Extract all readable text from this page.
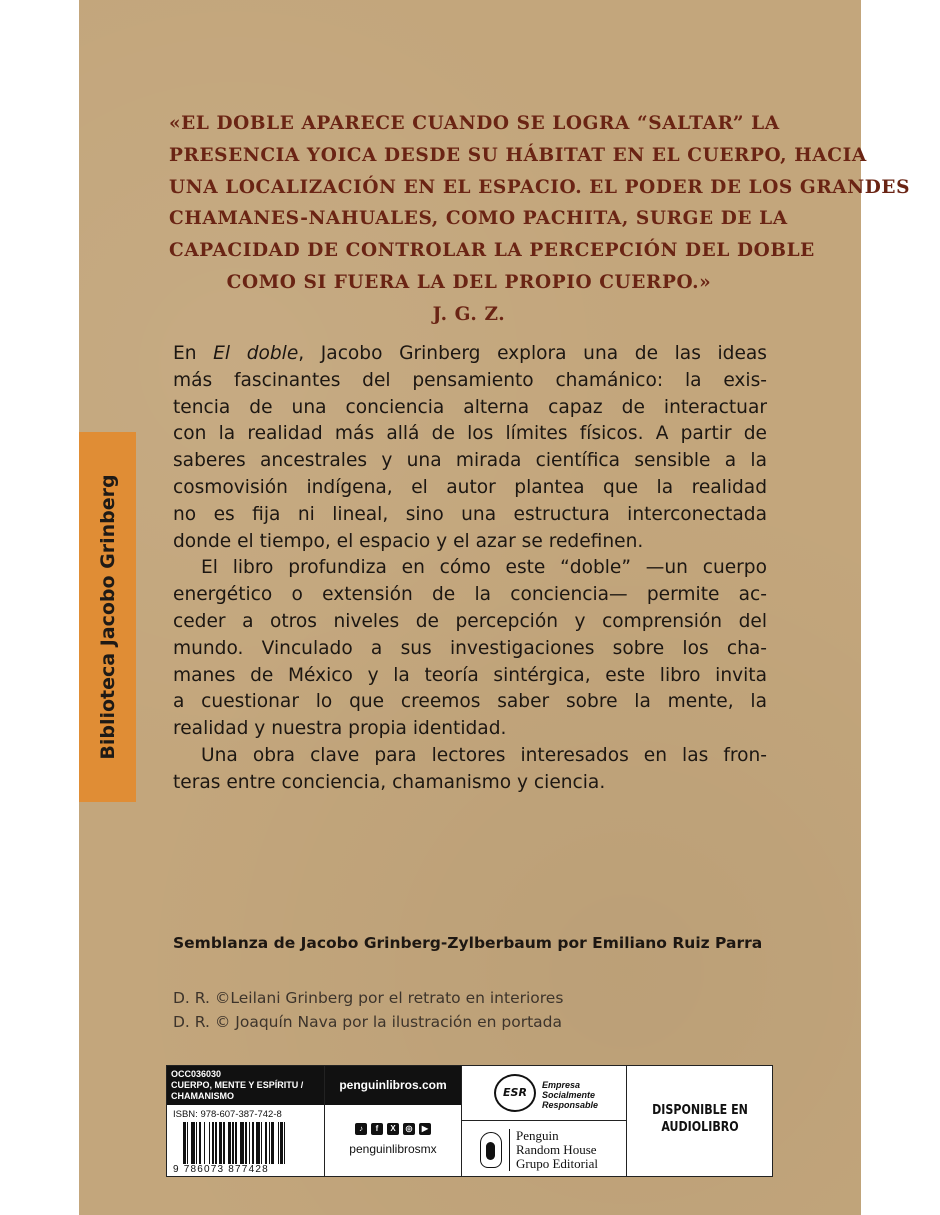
«EL DOBLE APARECE CUANDO SE LOGRA “SALTAR” LA
PRESENCIA YOICA DESDE SU HÁBITAT EN EL CUERPO, HACIA
UNA LOCALIZACIÓN EN EL ESPACIO. EL PODER DE LOS GRANDES
CHAMANES-NAHUALES, COMO PACHITA, SURGE DE LA
CAPACIDAD DE CONTROLAR LA PERCEPCIÓN DEL DOBLE
COMO SI FUERA LA DEL PROPIO CUERPO.»
J. G. Z.

En El doble, Jacobo Grinberg explora una de las ideas
más fascinantes del pensamiento chamánico: la exis-
tencia de una conciencia alterna capaz de interactuar
con la realidad más allá de los límites físicos. A partir de
saberes ancestrales y una mirada científica sensible a la
cosmovisión indígena, el autor plantea que la realidad
no es fija ni lineal, sino una estructura interconectada
donde el tiempo, el espacio y el azar se redefinen.
El libro profundiza en cómo este “doble” —un cuerpo
energético o extensión de la conciencia— permite ac-
ceder a otros niveles de percepción y comprensión del
mundo. Vinculado a sus investigaciones sobre los cha-
manes de México y la teoría sintérgica, este libro invita
a cuestionar lo que creemos saber sobre la mente, la
realidad y nuestra propia identidad.
Una obra clave para lectores interesados en las fron-
teras entre conciencia, chamanismo y ciencia.
Semblanza de Jacobo Grinberg-Zylberbaum por Emiliano Ruiz Parra
D. R. ©Leilani Grinberg por el retrato en interiores
D. R. © Joaquín Nava por la ilustración en portada
Biblioteca Jacobo Grinberg
OCC036030
CUERPO, MENTE Y ESPÍRITU /
CHAMANISMO
ISBN: 978-607-387-742-8
9 786073 877428
penguinlibros.com
♪	f	X	◎	▶
penguinlibrosmx
ESR
Empresa
Socialmente
Responsable
Penguin
Random House
Grupo Editorial
DISPONIBLE EN
AUDIOLIBRO
